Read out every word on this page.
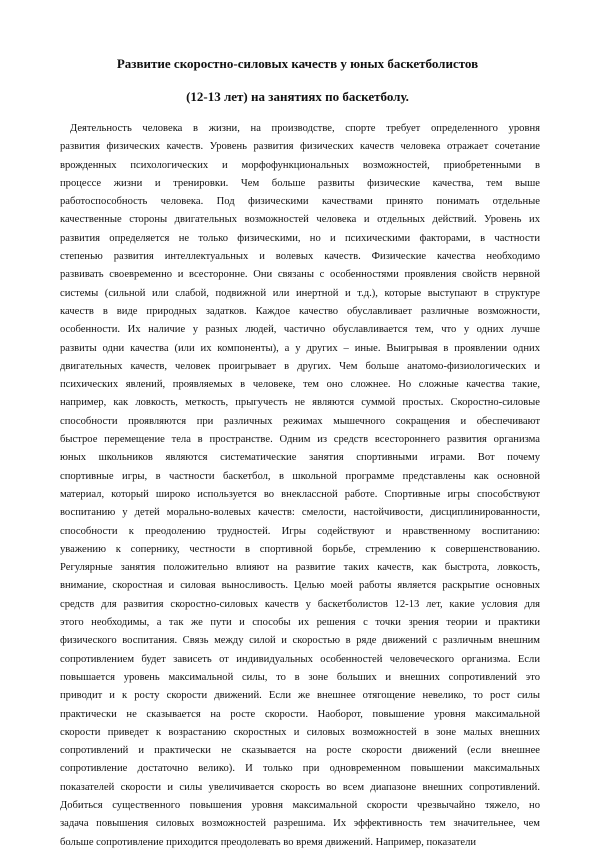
Развитие скоростно-силовых качеств у юных баскетболистов
(12-13 лет) на занятиях по баскетболу.
Деятельность человека в жизни, на производстве, спорте требует определенного уровня
развития физических качеств. Уровень развития физических качеств человека отражает сочетание
врожденных психологических и морфофункциональных возможностей, приобретенными в
процессе жизни и тренировки. Чем больше развиты физические качества, тем выше
работоспособность человека. Под физическими качествами принято понимать отдельные
качественные стороны двигательных возможностей человека и отдельных действий. Уровень их
развития определяется не только физическими, но и психическими факторами, в частности
степенью развития интеллектуальных и волевых качеств. Физические качества необходимо
развивать своевременно и всесторонне. Они связаны с особенностями проявления свойств нервной
системы (сильной или слабой, подвижной или инертной и т.д.), которые выступают в структуре
качеств в виде природных задатков. Каждое качество обуславливает различные возможности,
особенности. Их наличие у разных людей, частично обуславливается тем, что у одних лучше
развиты одни качества (или их компоненты), а у других – иные. Выигрывая в проявлении одних
двигательных качеств, человек проигрывает в других. Чем больше анатомо-физиологических и
психических явлений, проявляемых в человеке, тем оно сложнее. Но сложные качества такие,
например, как ловкость, меткость, прыгучесть не являются суммой простых. Скоростно-силовые
способности проявляются при различных режимах мышечного сокращения и обеспечивают
быстрое перемещение тела в пространстве. Одним из средств всестороннего развития организма
юных школьников являются систематические занятия спортивными играми. Вот почему
спортивные игры, в частности баскетбол, в школьной программе представлены как основной
материал, который широко используется во внеклассной работе. Спортивные игры способствуют
воспитанию у детей морально-волевых качеств: смелости, настойчивости, дисциплинированности,
способности к преодолению трудностей. Игры содействуют и нравственному воспитанию:
уважению к сопернику, честности в спортивной борьбе, стремлению к совершенствованию.
Регулярные занятия положительно влияют на развитие таких качеств, как быстрота, ловкость,
внимание, скоростная и силовая выносливость. Целью моей работы является раскрытие основных
средств для развития скоростно-силовых качеств у баскетболистов 12-13 лет, какие условия для
этого необходимы, а так же пути и способы их решения с точки зрения теории и практики
физического воспитания. Связь между силой и скоростью в ряде движений с различным внешним
сопротивлением будет зависеть от индивидуальных особенностей человеческого организма. Если
повышается уровень максимальной силы, то в зоне больших и внешних сопротивлений это
приводит и к росту скорости движений. Если же внешнее отягощение невелико, то рост силы
практически не сказывается на росте скорости. Наоборот, повышение уровня максимальной
скорости приведет к возрастанию скоростных и силовых возможностей в зоне малых внешних
сопротивлений и практически не сказывается на росте скорости движений (если внешнее
сопротивление достаточно велико). И только при одновременном повышении максимальных
показателей скорости и силы увеличивается скорость во всем диапазоне внешних сопротивлений.
Добиться существенного повышения уровня максимальной скорости чрезвычайно тяжело, но
задача повышения силовых возможностей разрешима. Их эффективность тем значительнее, чем
больше сопротивление приходится преодолевать во время движений. Например, показатели
